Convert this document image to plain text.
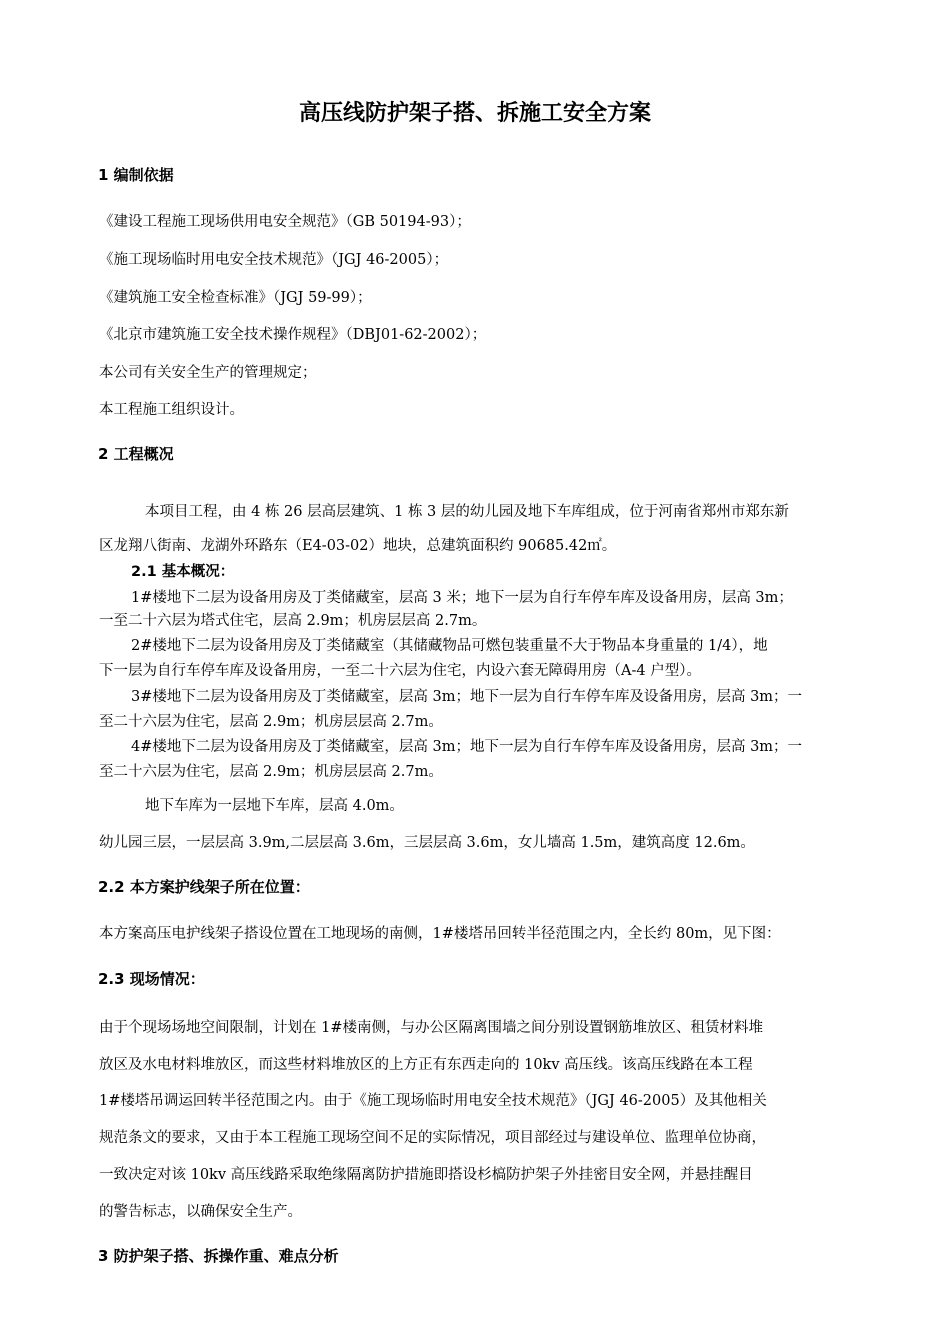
高压线防护架子搭、拆施工安全方案
1 编制依据
《建设工程施工现场供用电安全规范》（GB 50194-93）；
《施工现场临时用电安全技术规范》（JGJ 46-2005）；
《建筑施工安全检查标准》（JGJ 59-99）；
《北京市建筑施工安全技术操作规程》（DBJ01-62-2002）；
本公司有关安全生产的管理规定；
本工程施工组织设计。
2 工程概况
本项目工程，由 4 栋 26 层高层建筑、1 栋 3 层的幼儿园及地下车库组成，位于河南省郑州市郑东新
区龙翔八街南、龙湖外环路东（E4-03-02）地块，总建筑面积约 90685.42㎡。
2.1 基本概况：
1#楼地下二层为设备用房及丁类储藏室，层高 3 米；地下一层为自行车停车库及设备用房，层高 3m；
一至二十六层为塔式住宅，层高 2.9m；机房层层高 2.7m。
2#楼地下二层为设备用房及丁类储藏室（其储藏物品可燃包装重量不大于物品本身重量的 1/4），地
下一层为自行车停车库及设备用房，一至二十六层为住宅，内设六套无障碍用房（A-4 户型）。
3#楼地下二层为设备用房及丁类储藏室，层高 3m；地下一层为自行车停车库及设备用房，层高 3m；一
至二十六层为住宅，层高 2.9m；机房层层高 2.7m。
4#楼地下二层为设备用房及丁类储藏室，层高 3m；地下一层为自行车停车库及设备用房，层高 3m；一
至二十六层为住宅，层高 2.9m；机房层层高 2.7m。
地下车库为一层地下车库，层高 4.0m。
幼儿园三层，一层层高 3.9m,二层层高 3.6m，三层层高 3.6m，女儿墙高 1.5m，建筑高度 12.6m。
2.2 本方案护线架子所在位置：
本方案高压电护线架子搭设位置在工地现场的南侧，1#楼塔吊回转半径范围之内，全长约 80m，见下图：
2.3 现场情况：
由于个现场场地空间限制，计划在 1#楼南侧，与办公区隔离围墙之间分别设置钢筋堆放区、租赁材料堆
放区及水电材料堆放区，而这些材料堆放区的上方正有东西走向的 10kv 高压线。该高压线路在本工程
1#楼塔吊调运回转半径范围之内。由于《施工现场临时用电安全技术规范》（JGJ 46-2005）及其他相关
规范条文的要求，又由于本工程施工现场空间不足的实际情况，项目部经过与建设单位、监理单位协商，
一致决定对该 10kv 高压线路采取绝缘隔离防护措施即搭设杉槁防护架子外挂密目安全网，并悬挂醒目
的警告标志，以确保安全生产。
3 防护架子搭、拆操作重、难点分析
